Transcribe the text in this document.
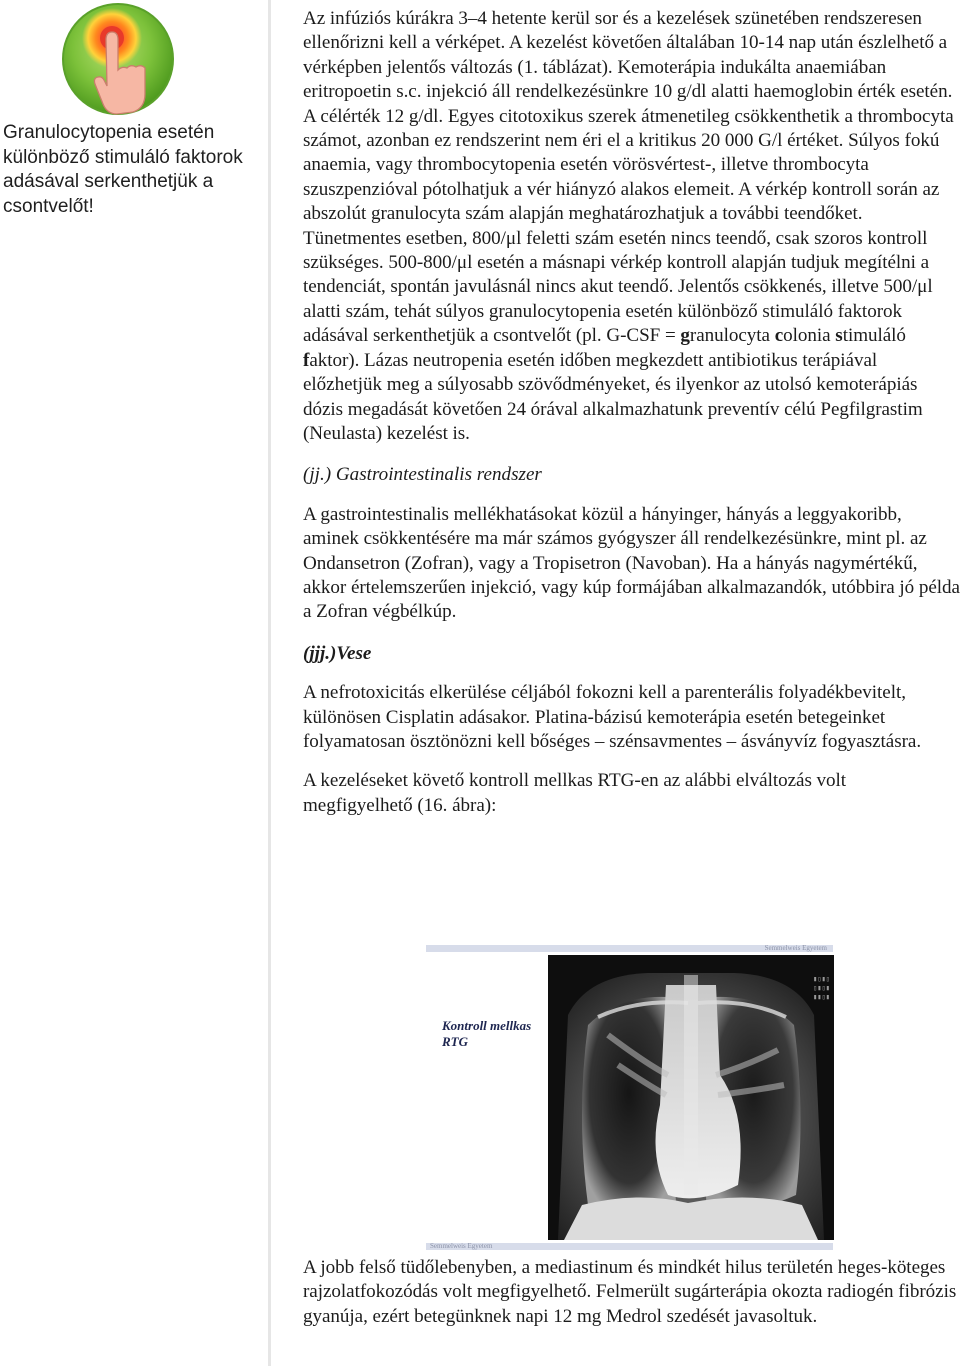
Granulocytopenia esetén különböző stimuláló faktorok adásával serkenthetjük a csontvelőt!

Az infúziós kúrákra 3–4 hetente kerül sor és a kezelések szünetében rendszeresen ellenőrizni kell a vérképet. A kezelést követően általában 10-14 nap után észlelhető a vérképben jelentős változás (1. táblázat). Kemoterápia indukálta anaemiában eritropoetin s.c. injekció áll rendelkezésünkre 10 g/dl alatti haemoglobin érték esetén. A célérték 12 g/dl. Egyes citotoxikus szerek átmenetileg csökkenthetik a thrombocyta számot, azonban ez rendszerint nem éri el a kritikus 20 000 G/l értéket. Súlyos fokú anaemia, vagy thrombocytopenia esetén vörösvértest-, illetve thrombocyta szuszpenzióval pótolhatjuk a vér hiányzó alakos elemeit. A vérkép kontroll során az abszolút granulocyta szám alapján meghatározhatjuk a további teendőket. Tünetmentes esetben, 800/μl feletti szám esetén nincs teendő, csak szoros kontroll szükséges. 500-800/μl esetén a másnapi vérkép kontroll alapján tudjuk megítélni a tendenciát, spontán javulásnál nincs akut teendő. Jelentős csökkenés, illetve 500/μl alatti szám, tehát súlyos granulocytopenia esetén különböző stimuláló faktorok adásával serkenthetjük a csontvelőt (pl. G-CSF = granulocyta colonia stimuláló faktor). Lázas neutropenia esetén időben megkezdett antibiotikus terápiával előzhetjük meg a súlyosabb szövődményeket, és ilyenkor az utolsó kemoterápiás dózis megadását követően 24 órával alkalmazhatunk preventív célú Pegfilgrastim (Neulasta) kezelést is.

(jj.) Gastrointestinalis rendszer

A gastrointestinalis mellékhatásokat közül a hányinger, hányás a leggyakoribb, aminek csökkentésére ma már számos gyógyszer áll rendelkezésünkre, mint pl. az Ondansetron (Zofran), vagy a Tropisetron (Navoban). Ha a hányás nagymértékű, akkor értelemszerűen injekció, vagy kúp formájában alkalmazandók, utóbbira jó példa a Zofran végbélkúp.

(jjj.)Vese

A nefrotoxicitás elkerülése céljából fokozni kell a parenterális folyadékbevitelt, különösen Cisplatin adásakor. Platina-bázisú kemoterápia esetén betegeinket folyamatosan ösztönözni kell bőséges – szénsavmentes – ásványvíz fogyasztásra.

A kezeléseket követő kontroll mellkas RTG-en az alábbi elváltozás volt megfigyelhető (16. ábra):

Semmelweis Egyetem
Kontroll mellkas
RTG
▮▯▮▯
▯▮▯▮
▮▮▯▮
Semmelweis Egyetem

A jobb felső tüdőlebenyben, a mediastinum és mindkét hilus területén heges-köteges rajzolatfokozódás volt megfigyelhető. Felmerült sugárterápia okozta radiogén fibrózis gyanúja, ezért betegünknek napi 12 mg Medrol szedését javasoltuk.
